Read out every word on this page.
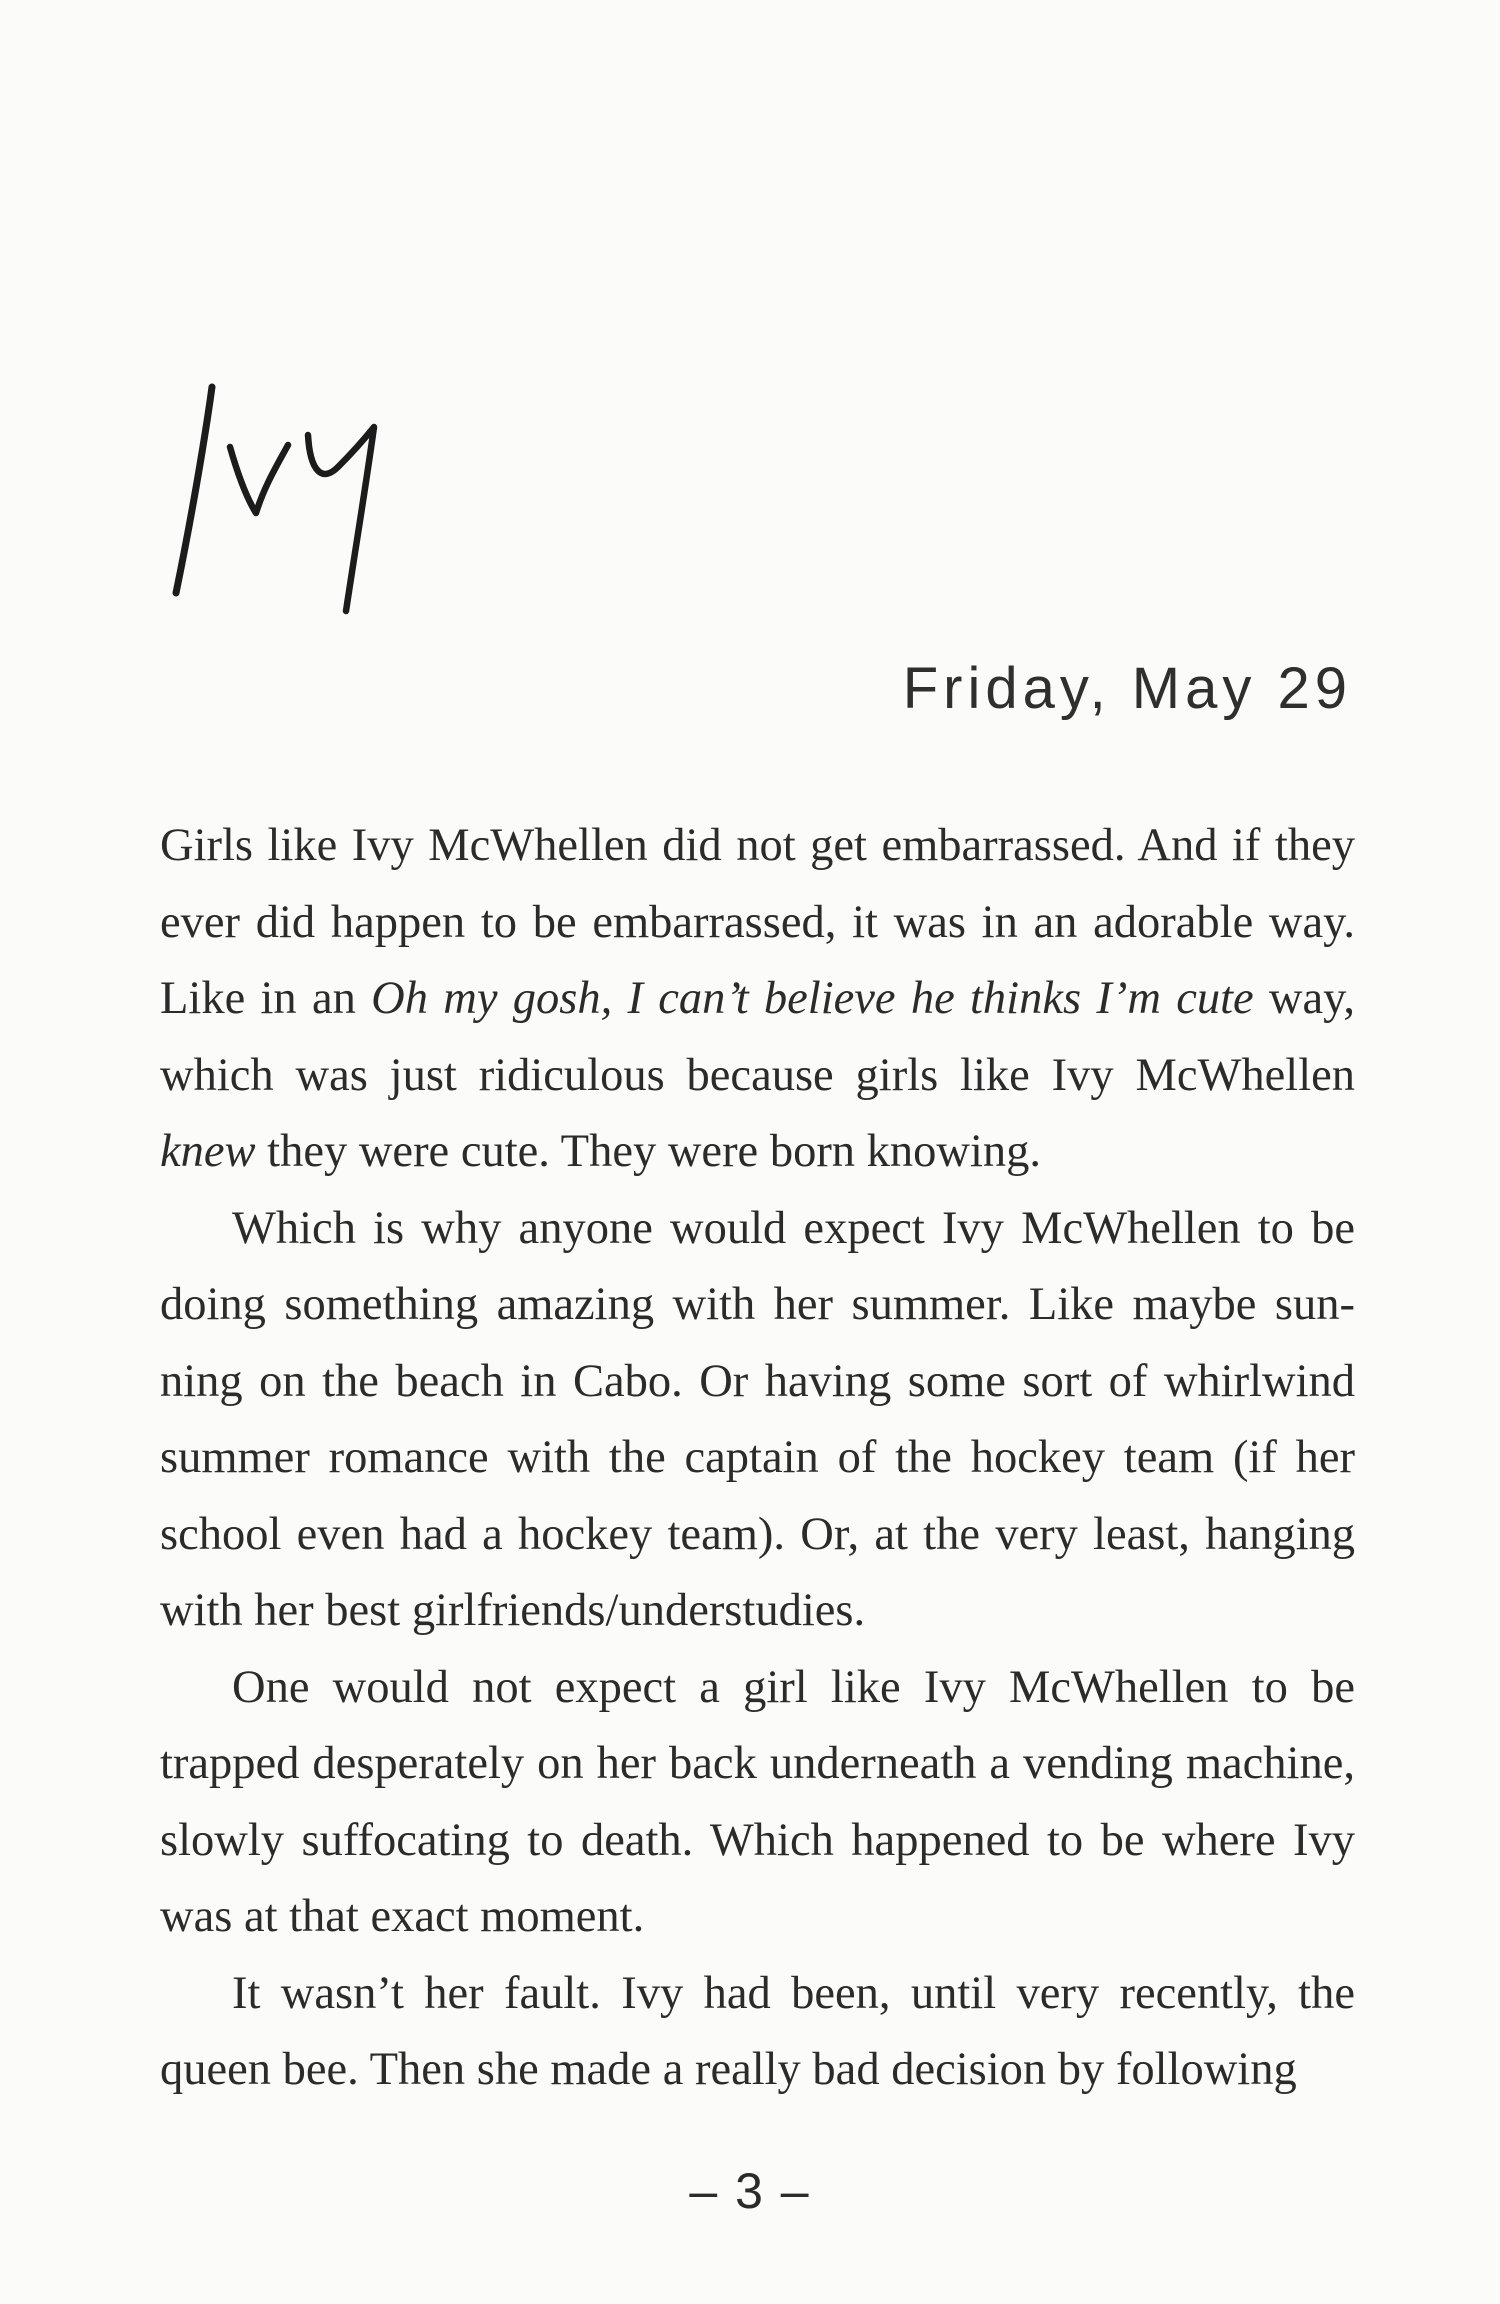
Friday, May 29

Girls like Ivy McWhellen did not get embarrassed. And if they ever did happen to be embarrassed, it was in an adorable way. Like in an Oh my gosh, I can’t believe he thinks I’m cute way, which was just ridiculous because girls like Ivy McWhellen knew they were cute. They were born knowing.

Which is why anyone would expect Ivy McWhellen to be doing something amazing with her summer. Like maybe sunning on the beach in Cabo. Or having some sort of whirlwind summer romance with the captain of the hockey team (if her school even had a hockey team). Or, at the very least, hanging with her best girlfriends/understudies.

One would not expect a girl like Ivy McWhellen to be trapped desperately on her back underneath a vending machine, slowly suffocating to death. Which happened to be where Ivy was at that exact moment.

It wasn’t her fault. Ivy had been, until very recently, the queen bee. Then she made a really bad decision by following

– 3 –
